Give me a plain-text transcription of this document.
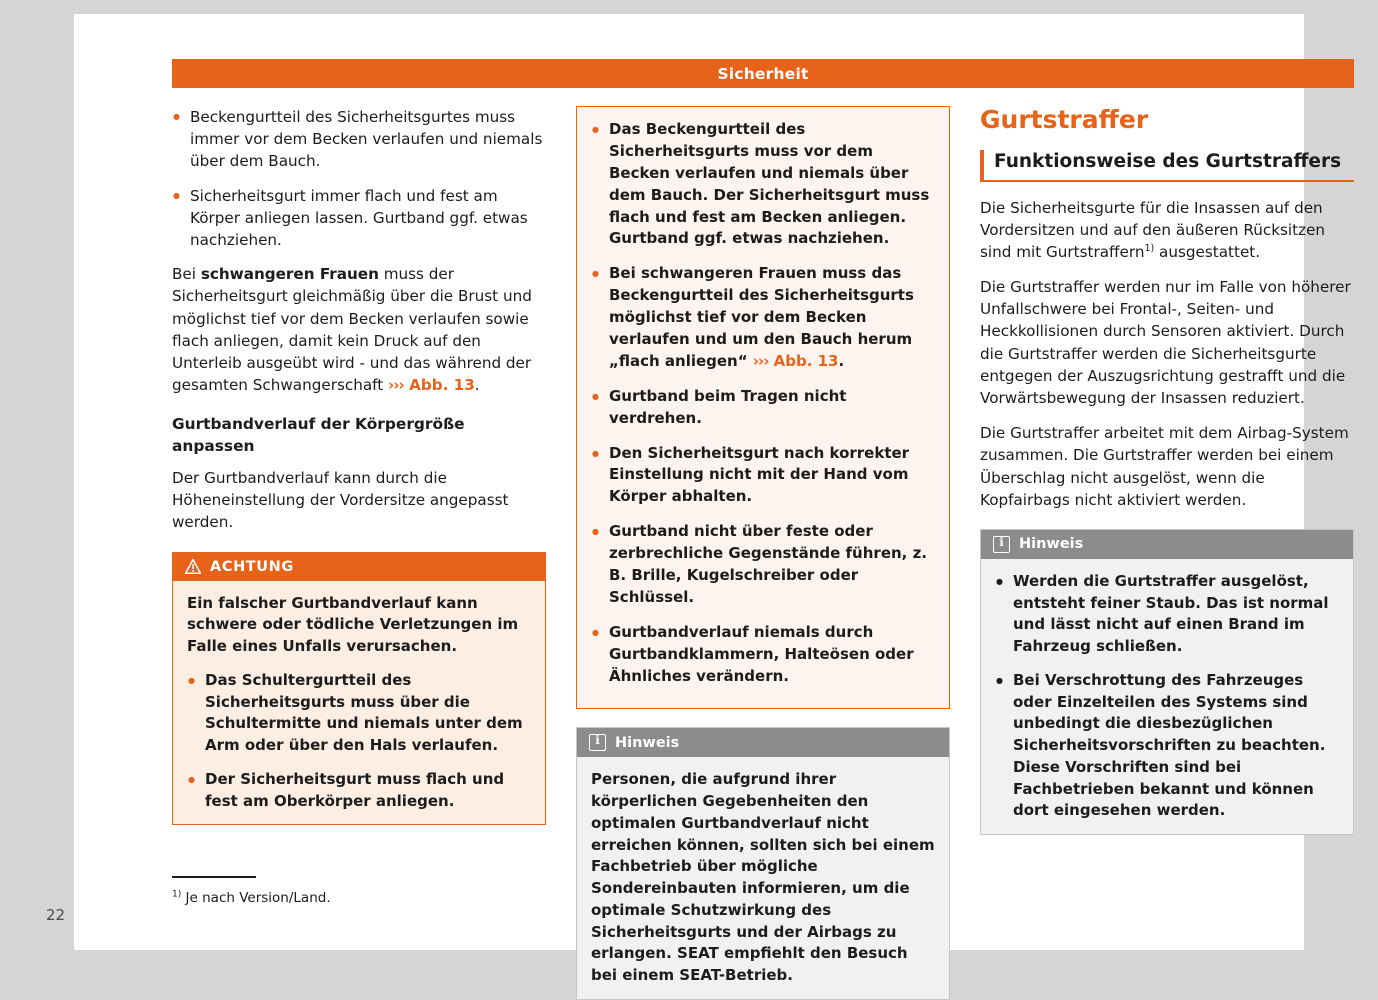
Sicherheit
● Beckengurtteil des Sicherheitsgurtes muss immer vor dem Becken verlaufen und niemals über dem Bauch.
● Sicherheitsgurt immer flach und fest am Körper anliegen lassen. Gurtband ggf. etwas nachziehen.

Bei schwangeren Frauen muss der Sicherheitsgurt gleichmäßig über die Brust und möglichst tief vor dem Becken verlaufen sowie flach anliegen, damit kein Druck auf den Unterleib ausgeübt wird - und das während der gesamten Schwangerschaft ››› Abb. 13.

Gurtbandverlauf der Körpergröße anpassen

Der Gurtbandverlauf kann durch die Höheneinstellung der Vordersitze angepasst werden.

ACHTUNG

Ein falscher Gurtbandverlauf kann schwere oder tödliche Verletzungen im Falle eines Unfalls verursachen.

● Das Schultergurtteil des Sicherheitsgurts muss über die Schultermitte und niemals unter dem Arm oder über den Hals verlaufen.
● Der Sicherheitsgurt muss flach und fest am Oberkörper anliegen.
● Das Beckengurtteil des Sicherheitsgurts muss vor dem Becken verlaufen und niemals über dem Bauch. Der Sicherheitsgurt muss flach und fest am Becken anliegen. Gurtband ggf. etwas nachziehen.
● Bei schwangeren Frauen muss das Beckengurtteil des Sicherheitsgurts möglichst tief vor dem Becken verlaufen und um den Bauch herum „flach anliegen“ ››› Abb. 13.
● Gurtband beim Tragen nicht verdrehen.
● Den Sicherheitsgurt nach korrekter Einstellung nicht mit der Hand vom Körper abhalten.
● Gurtband nicht über feste oder zerbrechliche Gegenstände führen, z. B. Brille, Kugelschreiber oder Schlüssel.
● Gurtbandverlauf niemals durch Gurtbandklammern, Halteösen oder Ähnliches verändern.
i
Hinweis

Personen, die aufgrund ihrer körperlichen Gegebenheiten den optimalen Gurtbandverlauf nicht erreichen können, sollten sich bei einem Fachbetrieb über mögliche Sondereinbauten informieren, um die optimale Schutzwirkung des Sicherheitsgurts und der Airbags zu erlangen. SEAT empfiehlt den Besuch bei einem SEAT-Betrieb.

Gurtstraffer
Funktionsweise des Gurtstraffers

Die Sicherheitsgurte für die Insassen auf den Vordersitzen und auf den äußeren Rücksitzen sind mit Gurtstraffern$^{1)}$ ausgestattet.

Die Gurtstraffer werden nur im Falle von höherer Unfallschwere bei Frontal-, Seiten- und Heckkollisionen durch Sensoren aktiviert. Durch die Gurtstraffer werden die Sicherheitsgurte entgegen der Auszugsrichtung gestrafft und die Vorwärtsbewegung der Insassen reduziert.

Die Gurtstraffer arbeitet mit dem Airbag-System zusammen. Die Gurtstraffer werden bei einem Überschlag nicht ausgelöst, wenn die Kopfairbags nicht aktiviert werden.

i
Hinweis
● Werden die Gurtstraffer ausgelöst, entsteht feiner Staub. Das ist normal und lässt nicht auf einen Brand im Fahrzeug schließen.
● Bei Verschrottung des Fahrzeuges oder Einzelteilen des Systems sind unbedingt die diesbezüglichen Sicherheitsvorschriften zu beachten. Diese Vorschriften sind bei Fachbetrieben bekannt und können dort eingesehen werden.
$^{1)}$ Je nach Version/Land.
22
